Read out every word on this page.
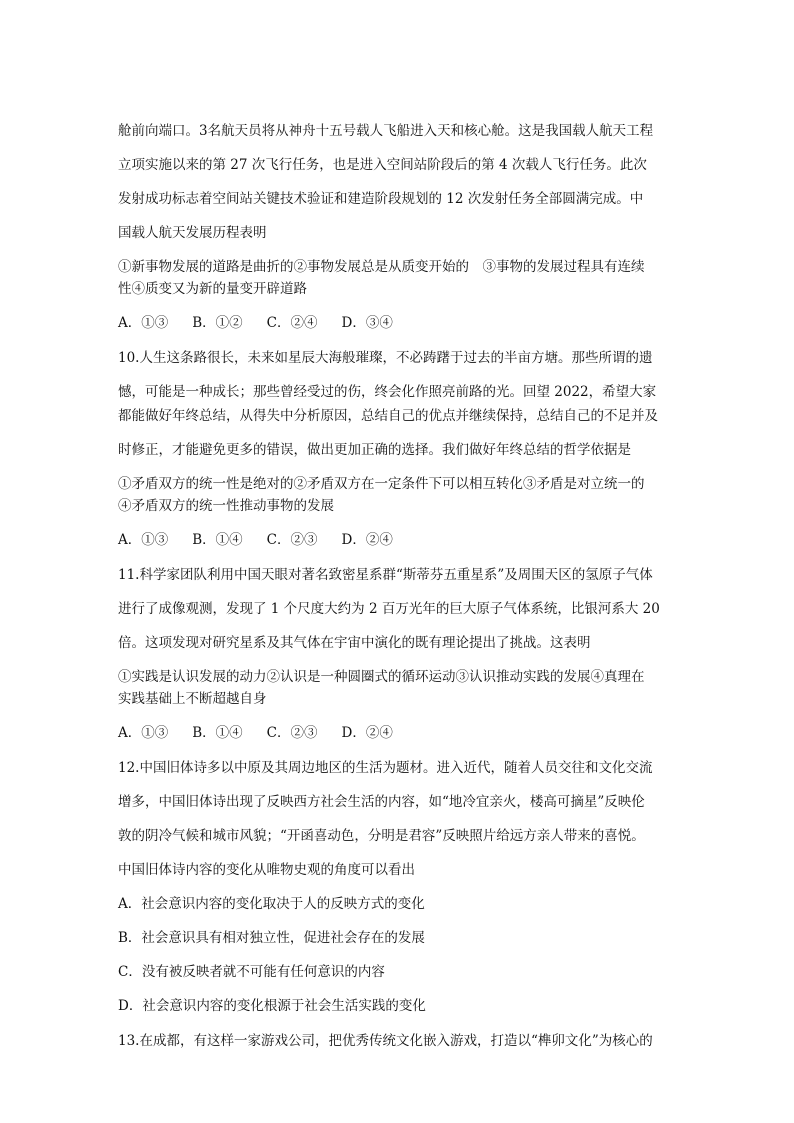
舱前向端口。3名航天员将从神舟十五号载人飞船进入天和核心舱。这是我国载人航天工程
立项实施以来的第 27 次飞行任务，也是进入空间站阶段后的第 4 次载人飞行任务。此次
发射成功标志着空间站关键技术验证和建造阶段规划的 12 次发射任务全部圆满完成。中
国载人航天发展历程表明
①新事物发展的道路是曲折的②事物发展总是从质变开始的　③事物的发展过程具有连续
性④质变又为新的量变开辟道路
A．①③ B．①② C．②④ D．③④
10.人生这条路很长，未来如星辰大海般璀璨，不必踌躇于过去的半亩方塘。那些所谓的遗
憾，可能是一种成长；那些曾经受过的伤，终会化作照亮前路的光。回望 2022，希望大家
都能做好年终总结，从得失中分析原因，总结自己的优点并继续保持，总结自己的不足并及
时修正，才能避免更多的错误，做出更加正确的选择。我们做好年终总结的哲学依据是
①矛盾双方的统一性是绝对的②矛盾双方在一定条件下可以相互转化③矛盾是对立统一的
④矛盾双方的统一性推动事物的发展
A．①③ B．①④ C．②③ D．②④
11.科学家团队利用中国天眼对著名致密星系群“斯蒂芬五重星系”及周围天区的氢原子气体
进行了成像观测，发现了 1 个尺度大约为 2 百万光年的巨大原子气体系统，比银河系大 20
倍。这项发现对研究星系及其气体在宇宙中演化的既有理论提出了挑战。这表明
①实践是认识发展的动力②认识是一种圆圈式的循环运动③认识推动实践的发展④真理在
实践基础上不断超越自身
A．①③ B．①④ C．②③ D．②④
12.中国旧体诗多以中原及其周边地区的生活为题材。进入近代，随着人员交往和文化交流
增多，中国旧体诗出现了反映西方社会生活的内容，如“地冷宜亲火，楼高可摘星”反映伦
敦的阴冷气候和城市风貌；“开函喜动色，分明是君容”反映照片给远方亲人带来的喜悦。
中国旧体诗内容的变化从唯物史观的角度可以看出
A．社会意识内容的变化取决于人的反映方式的变化
B．社会意识具有相对独立性，促进社会存在的发展
C．没有被反映者就不可能有任何意识的内容
D．社会意识内容的变化根源于社会生活实践的变化
13.在成都，有这样一家游戏公司，把优秀传统文化嵌入游戏，打造以“榫卯文化”为核心的
